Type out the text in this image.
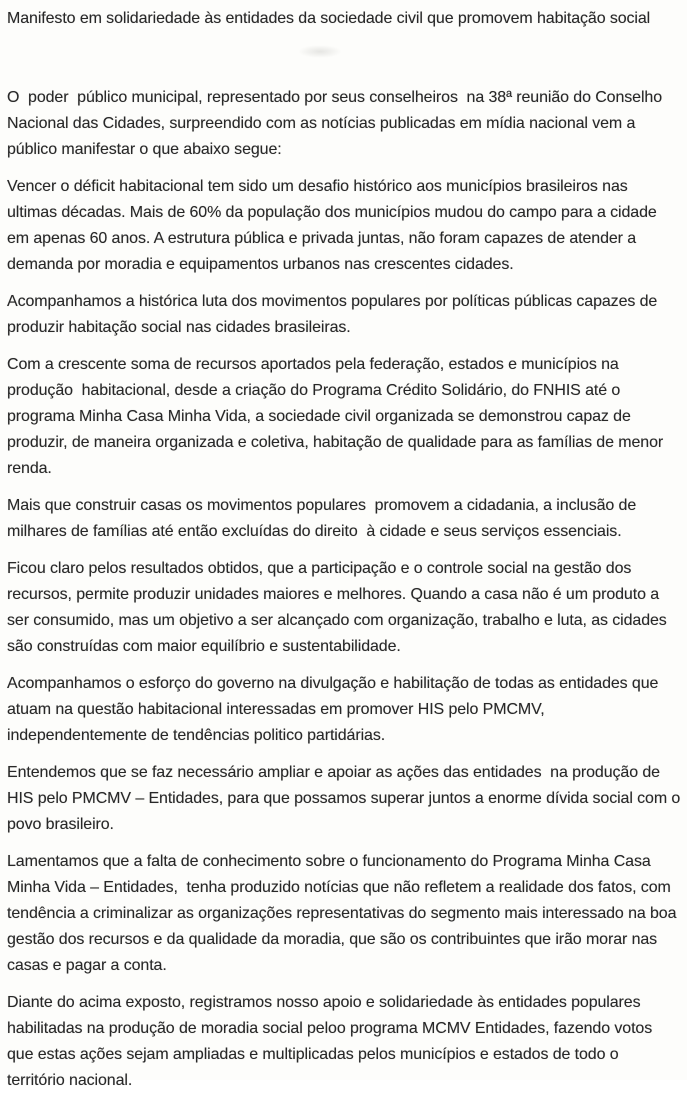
Manifesto em solidariedade às entidades da sociedade civil que promovem habitação social

O  poder  público municipal, representado por seus conselheiros  na 38ª reunião do Conselho
Nacional das Cidades, surpreendido com as notícias publicadas em mídia nacional vem a
público manifestar o que abaixo segue:

Vencer o déficit habitacional tem sido um desafio histórico aos municípios brasileiros nas
ultimas décadas. Mais de 60% da população dos municípios mudou do campo para a cidade
em apenas 60 anos. A estrutura pública e privada juntas, não foram capazes de atender a
demanda por moradia e equipamentos urbanos nas crescentes cidades.

Acompanhamos a histórica luta dos movimentos populares por políticas públicas capazes de
produzir habitação social nas cidades brasileiras.

Com a crescente soma de recursos aportados pela federação, estados e municípios na
produção  habitacional, desde a criação do Programa Crédito Solidário, do FNHIS até o
programa Minha Casa Minha Vida, a sociedade civil organizada se demonstrou capaz de
produzir, de maneira organizada e coletiva, habitação de qualidade para as famílias de menor
renda.

Mais que construir casas os movimentos populares  promovem a cidadania, a inclusão de
milhares de famílias até então excluídas do direito  à cidade e seus serviços essenciais.

Ficou claro pelos resultados obtidos, que a participação e o controle social na gestão dos
recursos, permite produzir unidades maiores e melhores. Quando a casa não é um produto a
ser consumido, mas um objetivo a ser alcançado com organização, trabalho e luta, as cidades
são construídas com maior equilíbrio e sustentabilidade.

Acompanhamos o esforço do governo na divulgação e habilitação de todas as entidades que
atuam na questão habitacional interessadas em promover HIS pelo PMCMV,
independentemente de tendências politico partidárias.

Entendemos que se faz necessário ampliar e apoiar as ações das entidades  na produção de
HIS pelo PMCMV – Entidades, para que possamos superar juntos a enorme dívida social com o
povo brasileiro.

Lamentamos que a falta de conhecimento sobre o funcionamento do Programa Minha Casa
Minha Vida – Entidades,  tenha produzido notícias que não refletem a realidade dos fatos, com
tendência a criminalizar as organizações representativas do segmento mais interessado na boa
gestão dos recursos e da qualidade da moradia, que são os contribuintes que irão morar nas
casas e pagar a conta.

Diante do acima exposto, registramos nosso apoio e solidariedade às entidades populares
habilitadas na produção de moradia social peloo programa MCMV Entidades, fazendo votos
que estas ações sejam ampliadas e multiplicadas pelos municípios e estados de todo o
território nacional.
